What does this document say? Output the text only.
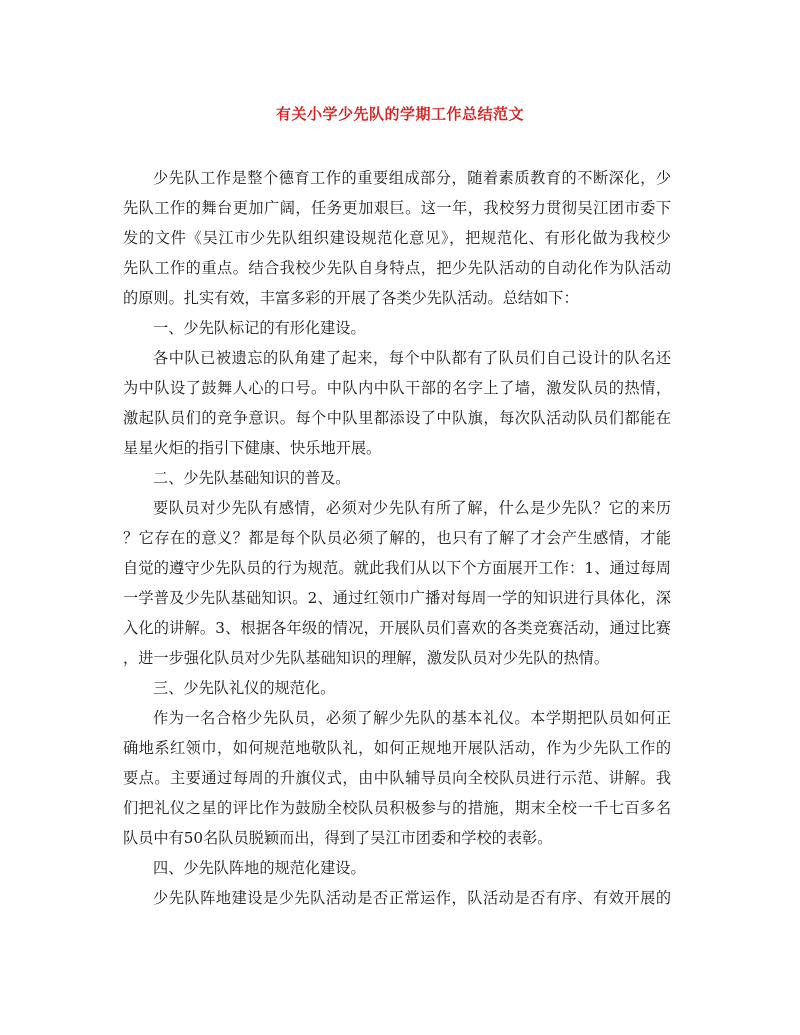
有关小学少先队的学期工作总结范文
少先队工作是整个德育工作的重要组成部分，随着素质教育的不断深化，少
先队工作的舞台更加广阔，任务更加艰巨。这一年，我校努力贯彻吴江团市委下
发的文件《吴江市少先队组织建设规范化意见》，把规范化、有形化做为我校少
先队工作的重点。结合我校少先队自身特点，把少先队活动的自动化作为队活动
的原则。扎实有效，丰富多彩的开展了各类少先队活动。总结如下：
一、少先队标记的有形化建设。
各中队已被遗忘的队角建了起来，每个中队都有了队员们自己设计的队名还
为中队设了鼓舞人心的口号。中队内中队干部的名字上了墙，激发队员的热情，
激起队员们的竞争意识。每个中队里都添设了中队旗，每次队活动队员们都能在
星星火炬的指引下健康、快乐地开展。
二、少先队基础知识的普及。
要队员对少先队有感情，必须对少先队有所了解，什么是少先队？它的来历
？它存在的意义？都是每个队员必须了解的，也只有了解了才会产生感情，才能
自觉的遵守少先队员的行为规范。就此我们从以下个方面展开工作：1、通过每周
一学普及少先队基础知识。2、通过红领巾广播对每周一学的知识进行具体化，深
入化的讲解。3、根据各年级的情况，开展队员们喜欢的各类竞赛活动，通过比赛
，进一步强化队员对少先队基础知识的理解，激发队员对少先队的热情。
三、少先队礼仪的规范化。
作为一名合格少先队员，必须了解少先队的基本礼仪。本学期把队员如何正
确地系红领巾，如何规范地敬队礼，如何正规地开展队活动，作为少先队工作的
要点。主要通过每周的升旗仪式，由中队辅导员向全校队员进行示范、讲解。我
们把礼仪之星的评比作为鼓励全校队员积极参与的措施，期末全校一千七百多名
队员中有50名队员脱颖而出，得到了吴江市团委和学校的表彰。
四、少先队阵地的规范化建设。
少先队阵地建设是少先队活动是否正常运作，队活动是否有序、有效开展的
